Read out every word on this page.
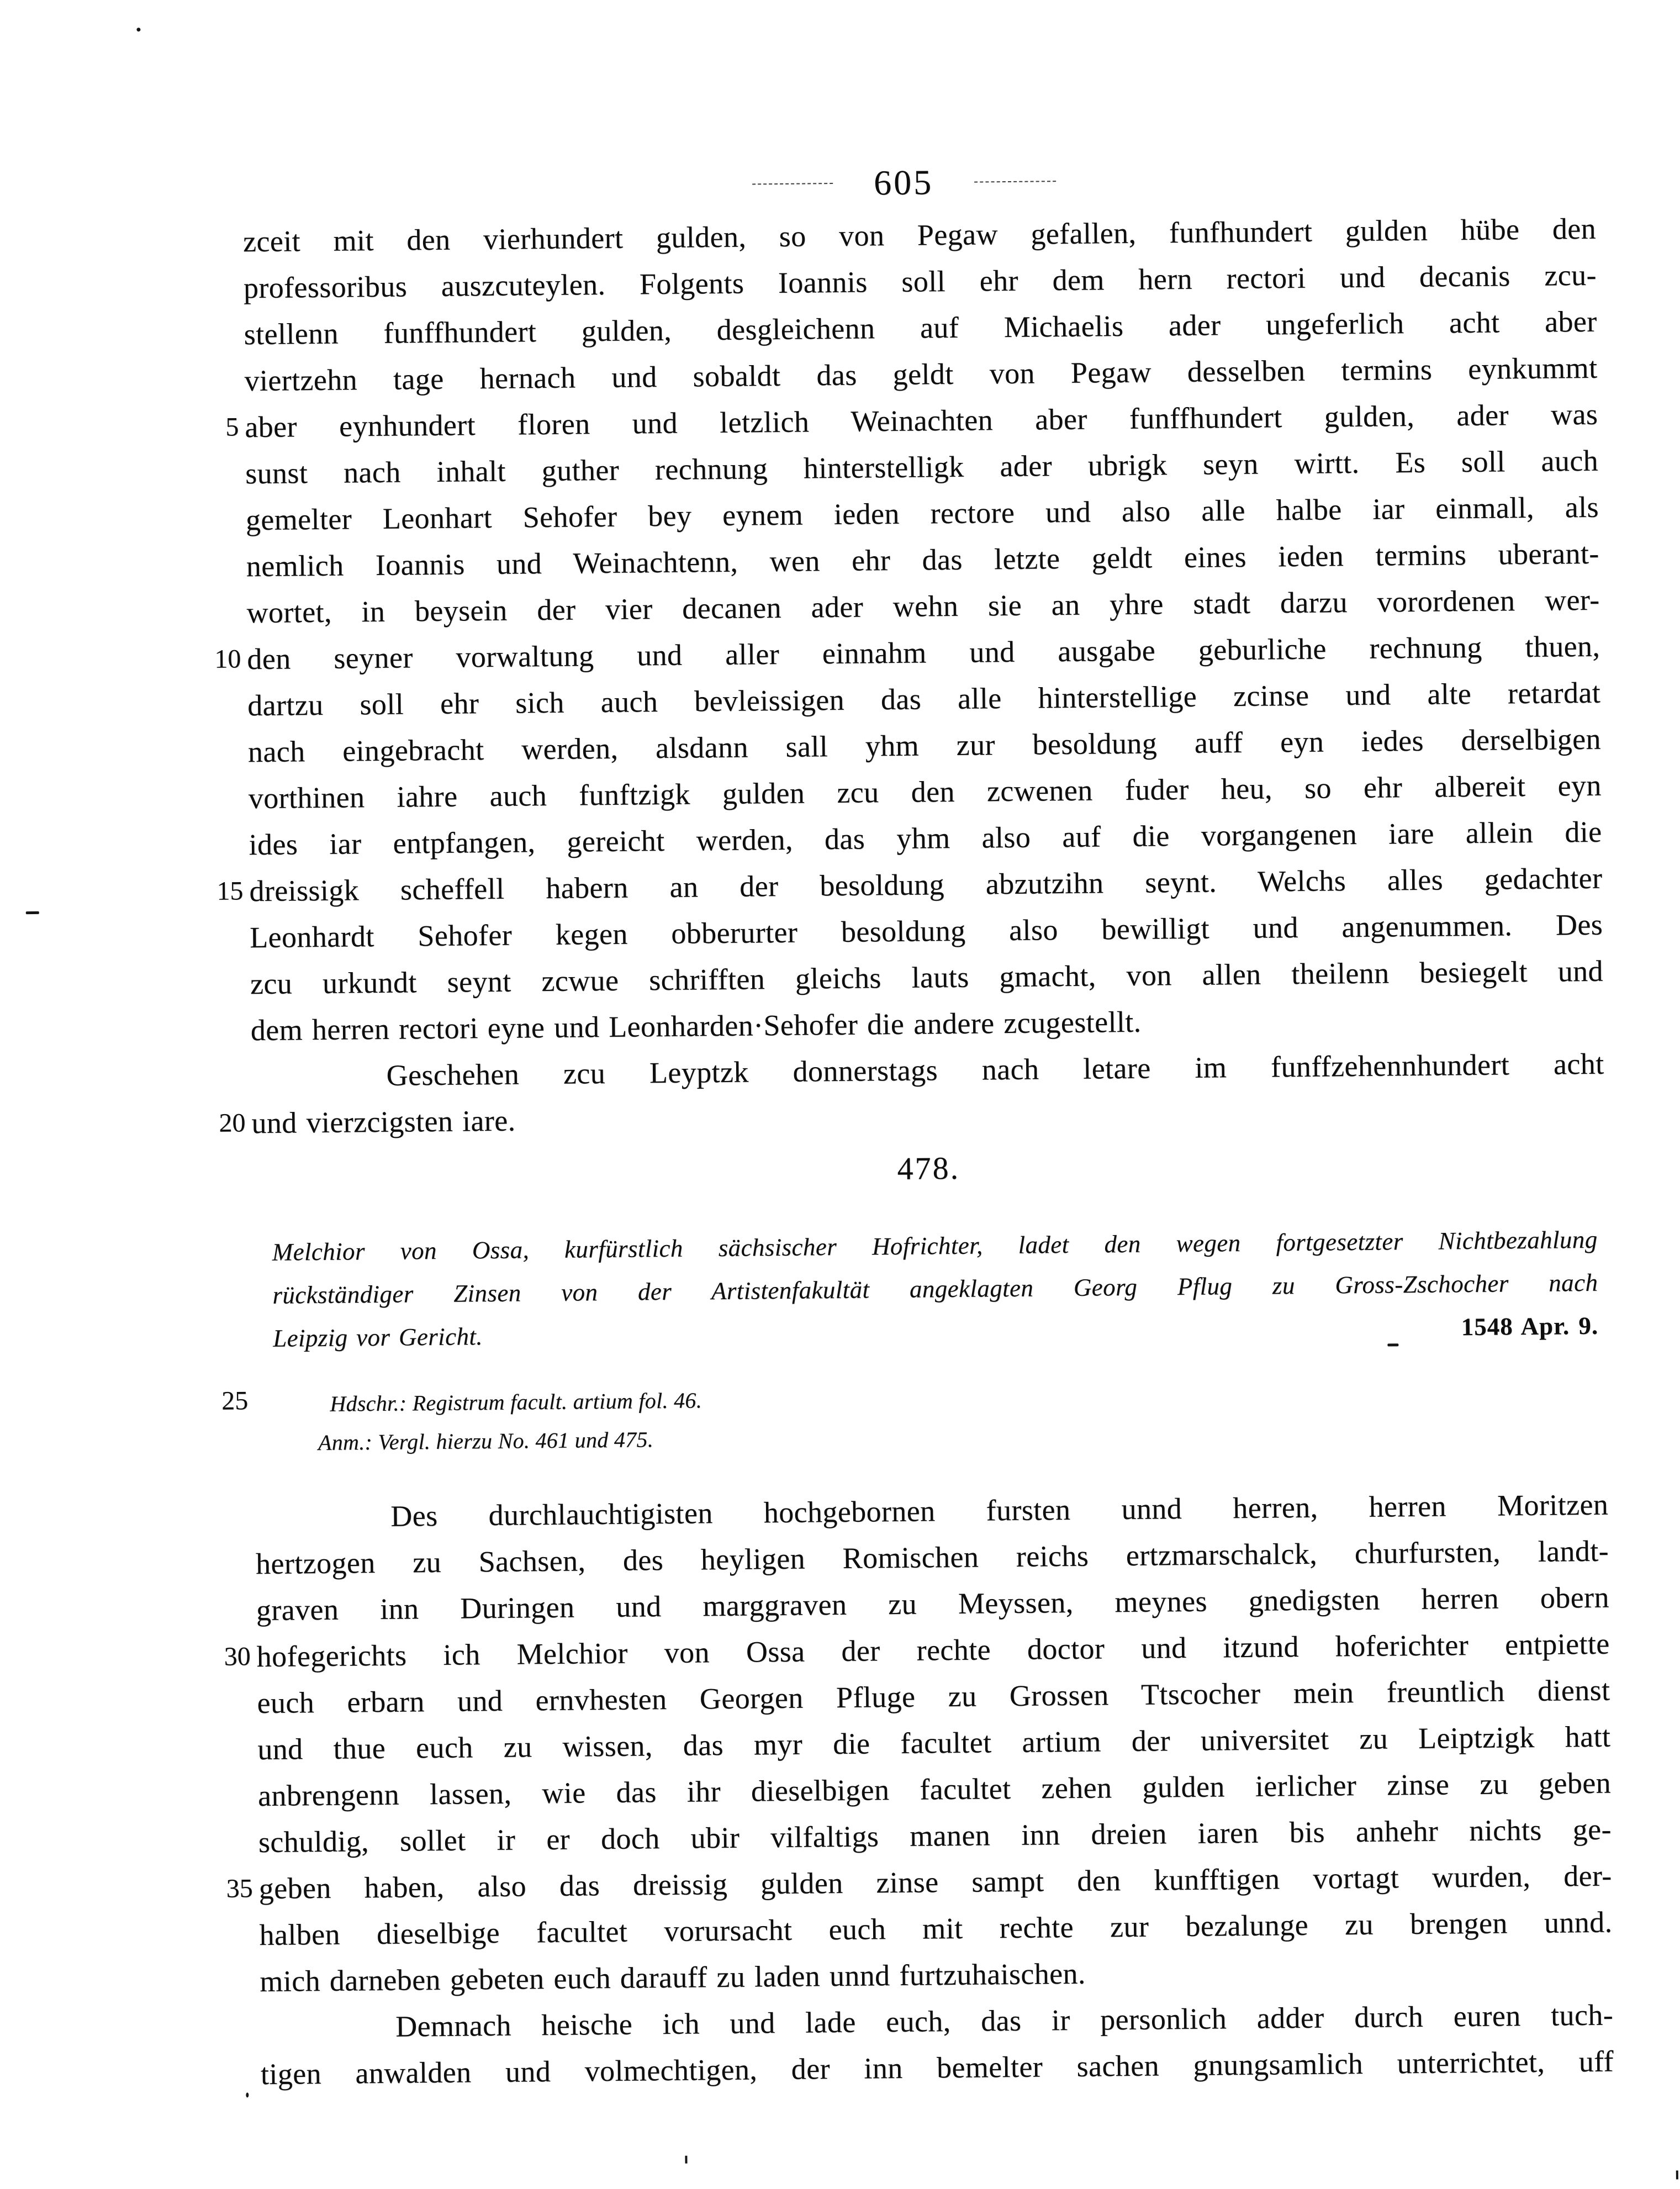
605
5
10
15
20
25
30
35
zceit mit den vierhundert gulden, so von Pegaw gefallen, funfhundert gulden hübe den
professoribus auszcuteylen. Folgents Ioannis soll ehr dem hern rectori und decanis zcu-
stellenn funffhundert gulden, desgleichenn auf Michaelis ader ungeferlich acht aber
viertzehn tage hernach und sobaldt das geldt von Pegaw desselben termins eynkummt
aber eynhundert floren und letzlich Weinachten aber funffhundert gulden, ader was
sunst nach inhalt guther rechnung hinterstelligk ader ubrigk seyn wirtt. Es soll auch
gemelter Leonhart Sehofer bey eynem ieden rectore und also alle halbe iar einmall, als
nemlich Ioannis und Weinachtenn, wen ehr das letzte geldt eines ieden termins uberant-
wortet, in beysein der vier decanen ader wehn sie an yhre stadt darzu vorordenen wer-
den seyner vorwaltung und aller einnahm und ausgabe geburliche rechnung thuen,
dartzu soll ehr sich auch bevleissigen das alle hinterstellige zcinse und alte retardat
nach eingebracht werden, alsdann sall yhm zur besoldung auff eyn iedes derselbigen
vorthinen iahre auch funftzigk gulden zcu den zcwenen fuder heu, so ehr albereit eyn
ides iar entpfangen, gereicht werden, das yhm also auf die vorgangenen iare allein die
dreissigk scheffell habern an der besoldung abzutzihn seynt. Welchs alles gedachter
Leonhardt Sehofer kegen obberurter besoldung also bewilligt und angenummen. Des
zcu urkundt seynt zcwue schrifften gleichs lauts gmacht, von allen theilenn besiegelt und
dem herren rectori eyne und Leonharden·Sehofer die andere zcugestellt.
Geschehen zcu Leyptzk donnerstags nach letare im funffzehennhundert acht
und vierzcigsten iare.
478.
Melchior von Ossa, kurfürstlich sächsischer Hofrichter, ladet den wegen fortgesetzter Nichtbezahlung
rückständiger Zinsen von der Artistenfakultät angeklagten Georg Pflug zu Gross-Zschocher nach
Leipzig vor Gericht.	1548 Apr. 9.
Hdschr.: Registrum facult. artium fol. 46.
Anm.: Vergl. hierzu No. 461 und 475.
Des durchlauchtigisten hochgebornen fursten unnd herren, herren Moritzen
hertzogen zu Sachsen, des heyligen Romischen reichs ertzmarschalck, churfursten, landt-
graven inn Duringen und marggraven zu Meyssen, meynes gnedigsten herren obern
hofegerichts ich Melchior von Ossa der rechte doctor und itzund hoferichter entpiette
euch erbarn und ernvhesten Georgen Pfluge zu Grossen Ttscocher mein freuntlich dienst
und thue euch zu wissen, das myr die facultet artium der universitet zu Leiptzigk hatt
anbrengenn lassen, wie das ihr dieselbigen facultet zehen gulden ierlicher zinse zu geben
schuldig, sollet ir er doch ubir vilfaltigs manen inn dreien iaren bis anhehr nichts ge-
geben haben, also das dreissig gulden zinse sampt den kunfftigen vortagt wurden, der-
halben dieselbige facultet vorursacht euch mit rechte zur bezalunge zu brengen unnd.
mich darneben gebeten euch darauff zu laden unnd furtzuhaischen.
Demnach heische ich und lade euch, das ir personlich adder durch euren tuch-
tigen anwalden und volmechtigen, der inn bemelter sachen gnungsamlich unterrichtet, uff
